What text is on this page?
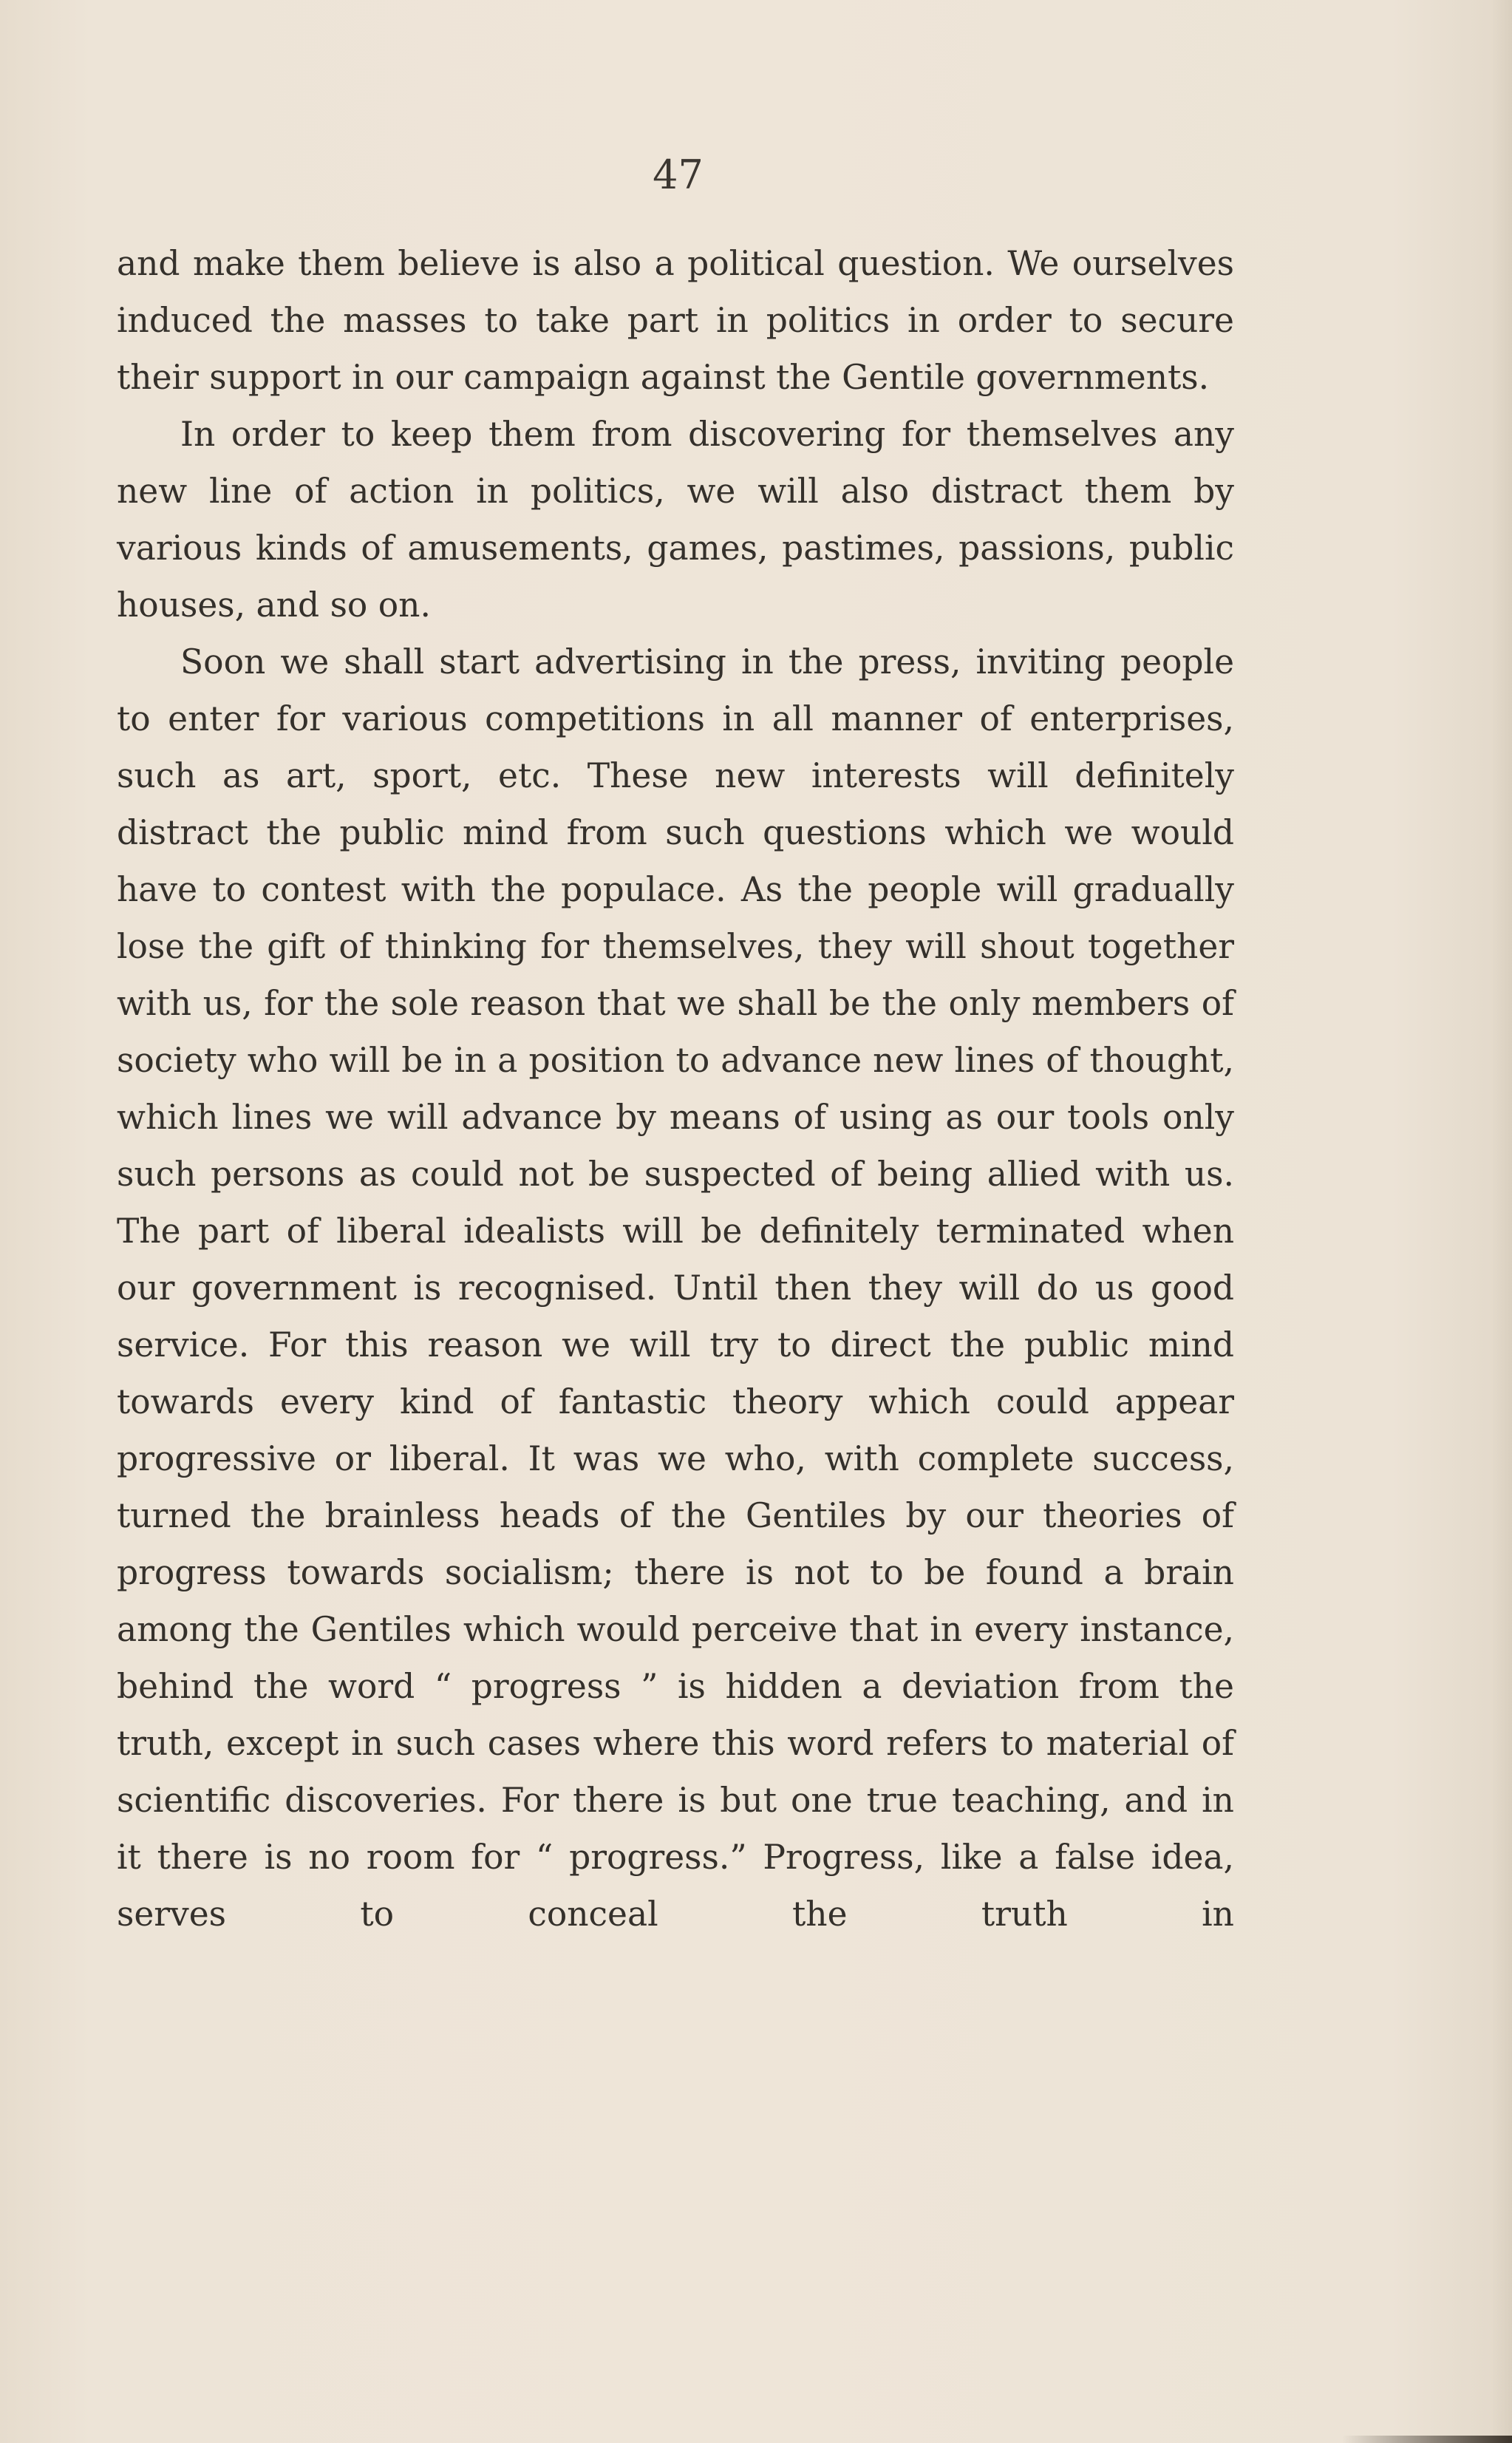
47

and make them believe is also a political question. We ourselves induced the masses to take part in politics in order to secure their support in our campaign against the Gentile governments.

In order to keep them from discovering for themselves any new line of action in politics, we will also distract them by various kinds of amusements, games, pastimes, passions, public houses, and so on.

Soon we shall start advertising in the press, inviting people to enter for various competitions in all manner of enterprises, such as art, sport, etc. These new interests will definitely distract the public mind from such questions which we would have to contest with the populace. As the people will gradually lose the gift of thinking for themselves, they will shout together with us, for the sole reason that we shall be the only members of society who will be in a position to advance new lines of thought, which lines we will advance by means of using as our tools only such persons as could not be suspected of being allied with us. The part of liberal idealists will be definitely terminated when our government is recognised. Until then they will do us good service. For this reason we will try to direct the public mind towards every kind of fantastic theory which could appear progressive or liberal. It was we who, with complete success, turned the brainless heads of the Gentiles by our theories of progress towards socialism; there is not to be found a brain among the Gentiles which would perceive that in every instance, behind the word “ progress ” is hidden a deviation from the truth, except in such cases where this word refers to material of scientific discoveries. For there is but one true teaching, and in it there is no room for “ progress.” Progress, like a false idea, serves to conceal the truth in
